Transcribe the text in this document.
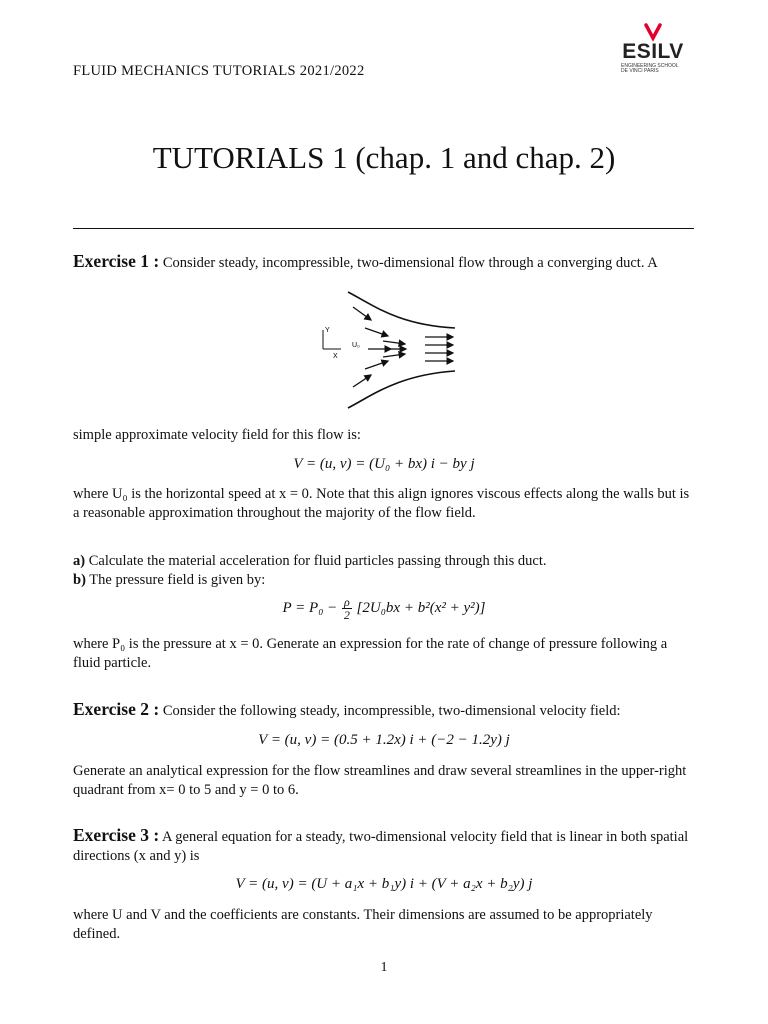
FLUID MECHANICS TUTORIALS 2021/2022
ESILV
ENGINEERING SCHOOL
DE VINCI PARIS
TUTORIALS 1 (chap. 1 and chap. 2)
Exercise 1 : Consider steady, incompressible, two-dimensional flow through a converging duct. A
Y
X
U₀
simple approximate velocity field for this flow is:
V = (u, v) = (U₀ + bx) i − by j
where U₀ is the horizontal speed at x = 0. Note that this align ignores viscous effects along the walls but is a reasonable approximation throughout the majority of the flow field.
a) Calculate the material acceleration for fluid particles passing through this duct.
b) The pressure field is given by:
$P = P_0 - \frac{\rho}{2} [2U_0bx + b^2(x^2 + y^2)]$
where P₀ is the pressure at x = 0. Generate an expression for the rate of change of pressure following a fluid particle.
Exercise 2 : Consider the following steady, incompressible, two-dimensional velocity field:
V = (u, v) = (0.5 + 1.2x) i + (−2 − 1.2y) j
Generate an analytical expression for the flow streamlines and draw several streamlines in the upper-right quadrant from x= 0 to 5 and y = 0 to 6.
Exercise 3 : A general equation for a steady, two-dimensional velocity field that is linear in both spatial directions (x and y) is
V = (u, v) = (U + a₁x + b₁y) i + (V + a₂x + b₂y) j
where U and V and the coefficients are constants. Their dimensions are assumed to be appropriately defined.
1
